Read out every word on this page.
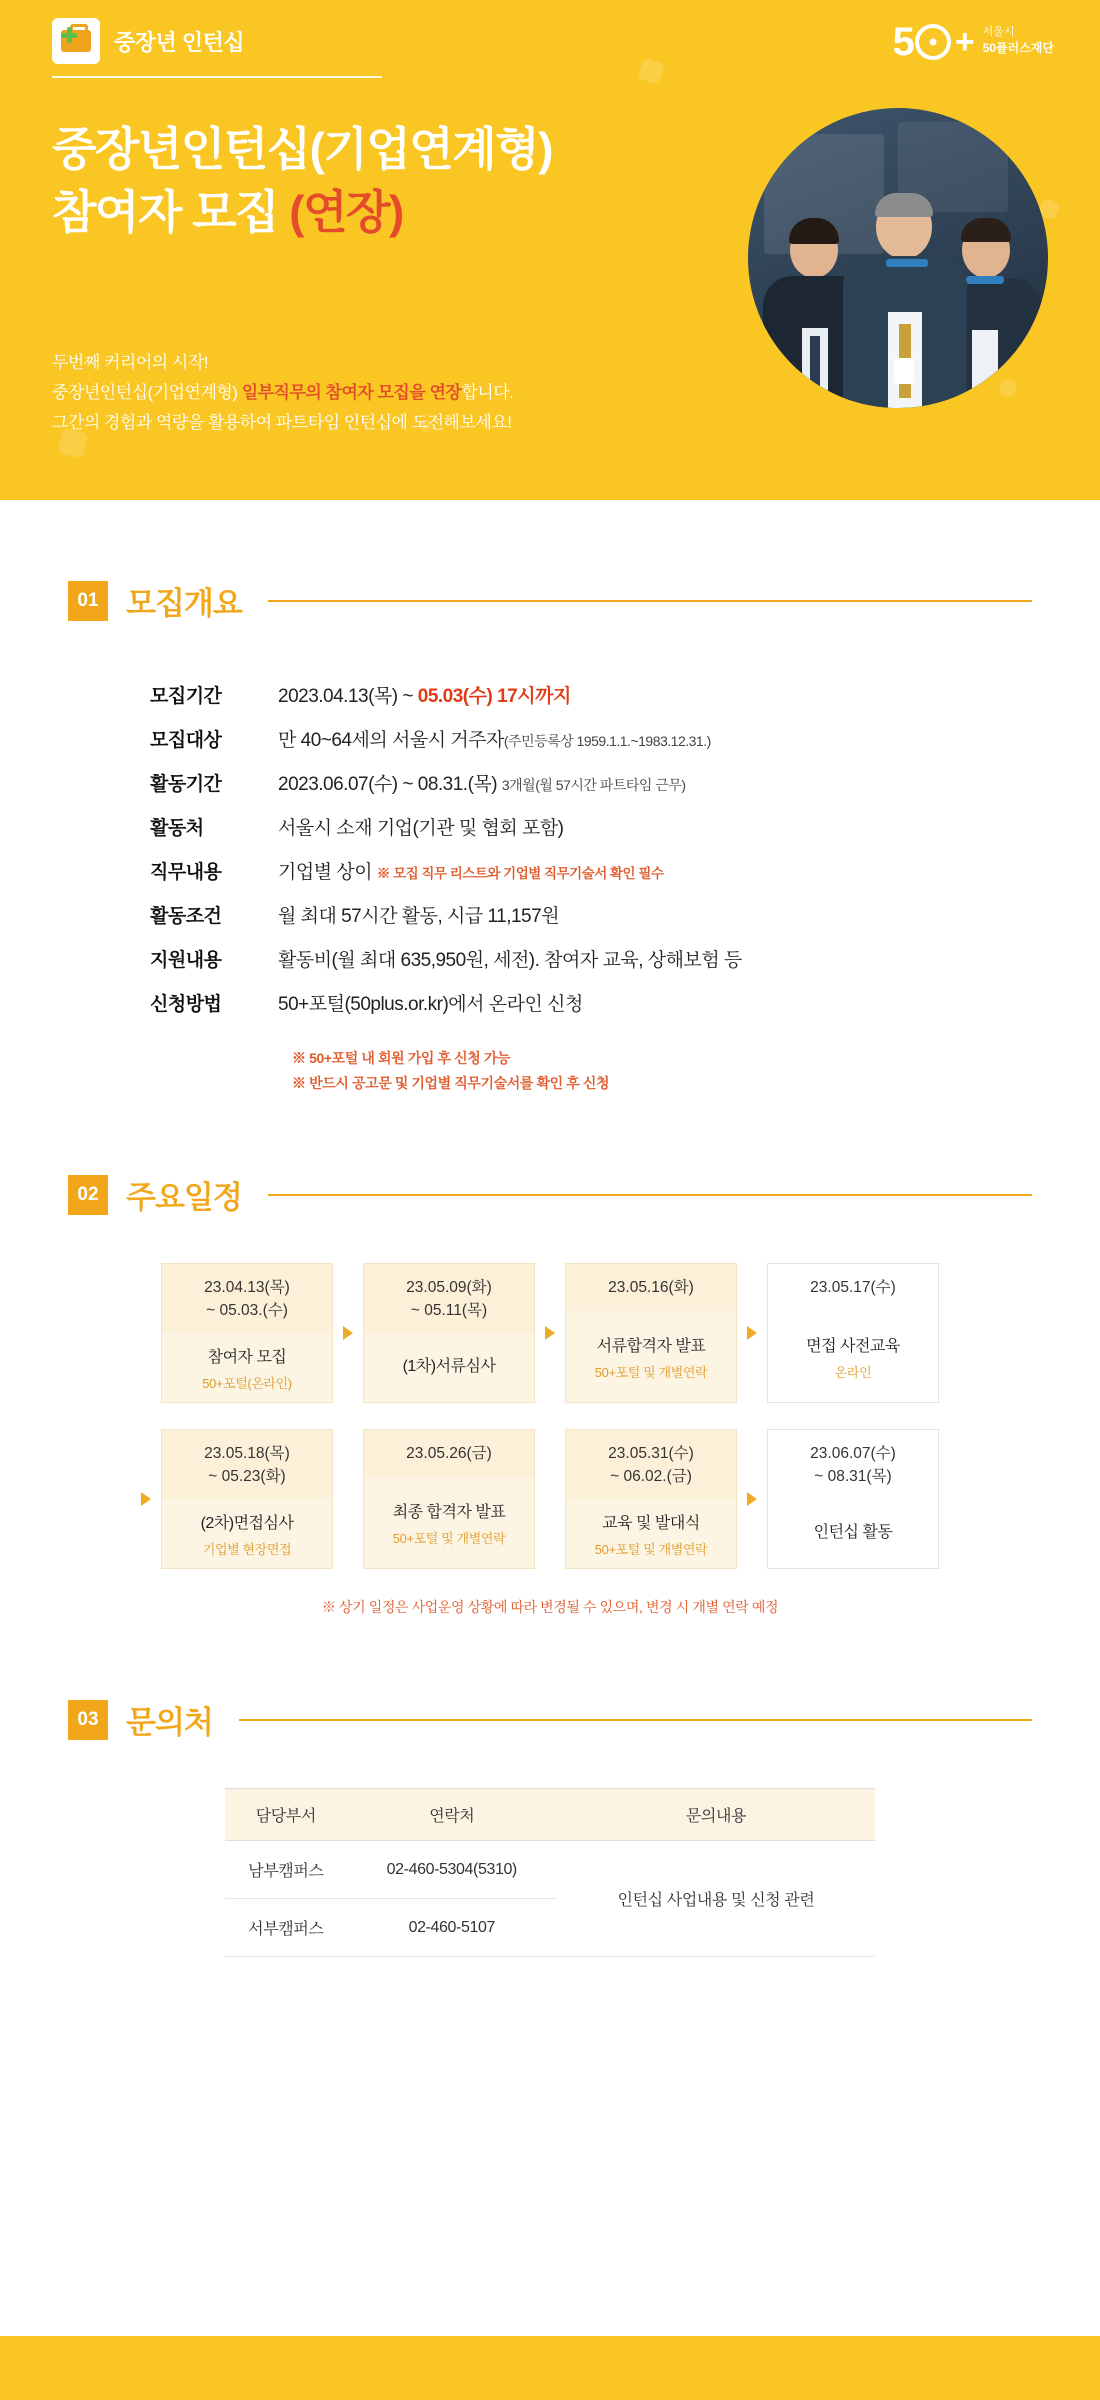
중장년 인턴십	5 + 서울시
50플러스재단
중장년인턴십(기업연계형)
참여자 모집 (연장)
두번째 커리어의 시작!
중장년인턴십(기업연계형) 일부직무의 참여자 모집을 연장합니다.
그간의 경험과 역량을 활용하여 파트타임 인턴십에 도전해보세요!
01 모집개요
모집기간	2023.04.13(목) ~ 05.03(수) 17시까지
모집대상	만 40~64세의 서울시 거주자(주민등록상 1959.1.1.~1983.12.31.)
활동기간	2023.06.07(수) ~ 08.31.(목) 3개월(월 57시간 파트타임 근무)
활동처	서울시 소재 기업(기관 및 협회 포함)
직무내용	기업별 상이 ※ 모집 직무 리스트와 기업별 직무기술서 확인 필수
활동조건	월 최대 57시간 활동, 시급 11,157원
지원내용	활동비(월 최대 635,950원, 세전). 참여자 교육, 상해보험 등
신청방법	50+포털(50plus.or.kr)에서 온라인 신청
※ 50+포털 내 회원 가입 후 신청 가능
※ 반드시 공고문 및 기업별 직무기술서를 확인 후 신청
02 주요일정
23.04.13(목)
~ 05.03.(수)
참여자 모집
50+포털(온라인)
23.05.09(화)
~ 05.11(목)
(1차)서류심사
23.05.16(화)
서류합격자 발표
50+포털 및 개별연락
23.05.17(수)
면접 사전교육
온라인
23.05.18(목)
~ 05.23(화)
(2차)면접심사
기업별 현장면접
23.05.26(금)
최종 합격자 발표
50+포털 및 개별연락
23.05.31(수)
~ 06.02.(금)
교육 및 발대식
50+포털 및 개별연락
23.06.07(수)
~ 08.31(목)
인턴십 활동
※ 상기 일정은 사업운영 상황에 따라 변경될 수 있으며, 변경 시 개별 연락 예정
03 문의처
담당부서	연락처	문의내용
남부캠퍼스	02-460-5304(5310)	인턴십 사업내용 및 신청 관련
서부캠퍼스	02-460-5107	
